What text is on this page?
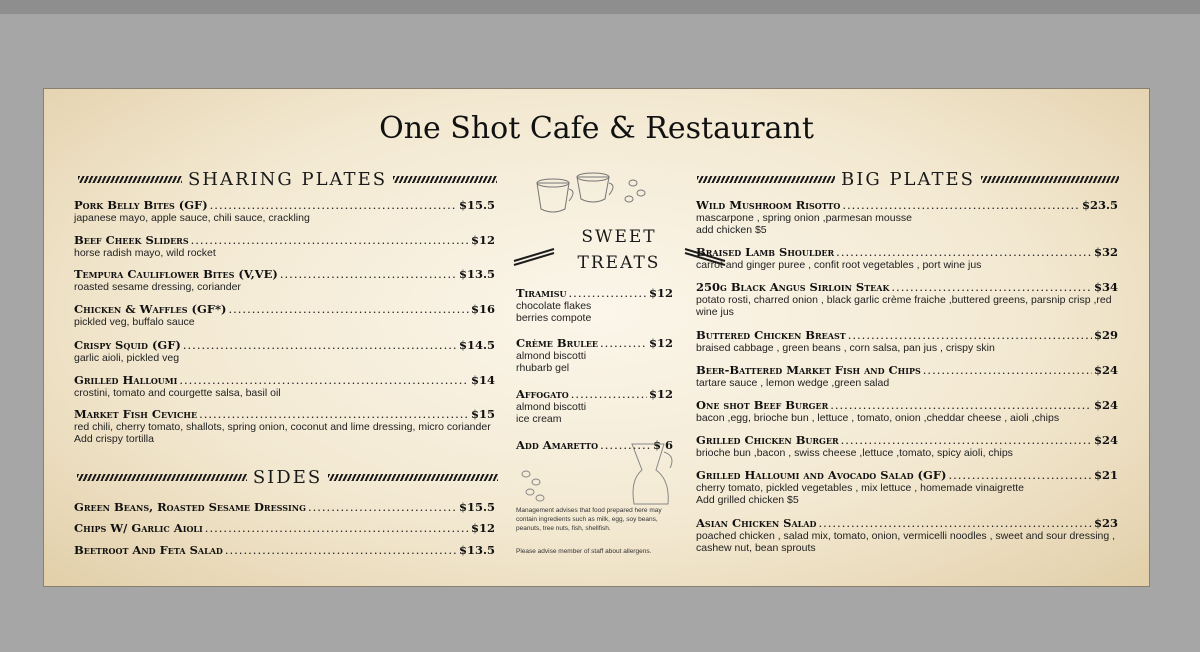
One Shot Cafe & Restaurant
SHARING PLATES
Pork Belly Bites (GF) .....	$15.5
japanese mayo, apple sauce, chili sauce, crackling
Beef Cheek Sliders .....	$12
horse radish mayo, wild rocket
Tempura Cauliflower Bites (V,VE) .....	$13.5
roasted sesame dressing, coriander
Chicken & Waffles (GF*) .....	$16
pickled veg, buffalo sauce
Crispy Squid (GF) .....	$14.5
garlic aioli, pickled veg
Grilled Halloumi .....	$14
crostini, tomato and courgette salsa, basil oil
Market Fish Ceviche .....	$15
red chili, cherry tomato, shallots, spring onion, coconut and lime dressing, micro coriander Add crispy tortilla
SIDES
Green Beans, Roasted Sesame Dressing .....	$15.5
Chips W/ Garlic Aioli .....	$12
Beetroot And Feta Salad .....	$13.5
SWEET
TREATS
Tiramisu .....	$12
chocolate flakes
berries compote
Crème Brulee .....	$12
almond biscotti
rhubarb gel
Affogato .....	$12
almond biscotti
ice cream
Add Amaretto .....	$ 6
Management advises that food prepared here may contain ingredients such as milk, egg, soy beans, peanuts, tree nuts, fish, shellfish.
Please advise member of staff about allergens.
BIG PLATES
Wild Mushroom Risotto .....	$23.5
mascarpone , spring onion ,parmesan mousse
add chicken $5
Braised Lamb Shoulder .....	$32
carrot and ginger puree , confit root vegetables , port wine jus
250g Black Angus Sirloin Steak .....	$34
potato rosti, charred onion , black garlic crème fraiche ,buttered greens, parsnip crisp ,red wine jus
Buttered Chicken Breast .....	$29
braised cabbage , green beans , corn salsa, pan jus , crispy skin
Beer-Battered Market Fish and Chips .....	$24
tartare sauce , lemon wedge ,green salad
One shot Beef Burger .....	$24
bacon ,egg, brioche bun , lettuce , tomato, onion ,cheddar cheese , aioli ,chips
Grilled Chicken Burger .....	$24
brioche bun ,bacon , swiss cheese ,lettuce ,tomato, spicy aioli, chips
Grilled Halloumi and Avocado Salad (GF) .....	$21
cherry tomato, pickled vegetables , mix lettuce , homemade vinaigrette
Add grilled chicken $5
Asian Chicken Salad .....	$23
poached chicken , salad mix, tomato, onion, vermicelli noodles , sweet and sour dressing , cashew nut, bean sprouts
